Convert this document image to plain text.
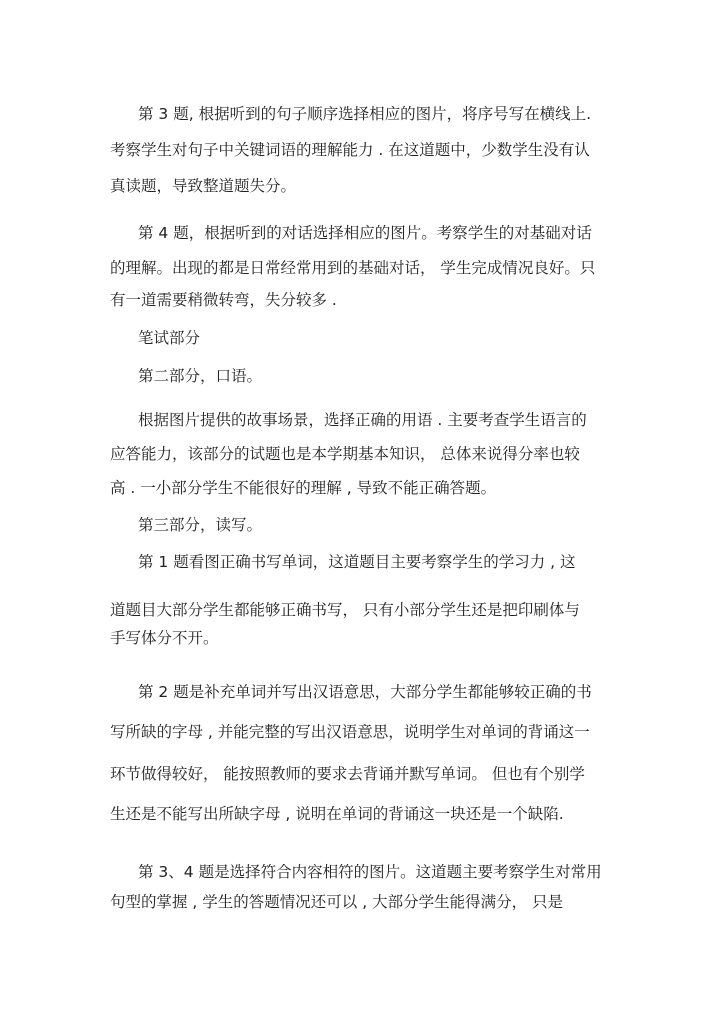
第 3 题, 根据听到的句子顺序选择相应的图片，将序号写在横线上.
考察学生对句子中关键词语的理解能力 . 在这道题中，少数学生没有认
真读题，导致整道题失分。
第 4 题，根据听到的对话选择相应的图片。考察学生的对基础对话
的理解。出现的都是日常经常用到的基础对话， 学生完成情况良好。只
有一道需要稍微转弯，失分较多 .
笔试部分
第二部分，口语。
根据图片提供的故事场景，选择正确的用语 . 主要考查学生语言的
应答能力，该部分的试题也是本学期基本知识， 总体来说得分率也较
高 . 一小部分学生不能很好的理解 , 导致不能正确答题。
第三部分，读写。
第 1 题看图正确书写单词，这道题目主要考察学生的学习力 , 这
道题目大部分学生都能够正确书写， 只有小部分学生还是把印刷体与
手写体分不开。
第 2 题是补充单词并写出汉语意思，大部分学生都能够较正确的书
写所缺的字母 , 并能完整的写出汉语意思，说明学生对单词的背诵这一
环节做得较好， 能按照教师的要求去背诵并默写单词。 但也有个别学
生还是不能写出所缺字母 , 说明在单词的背诵这一块还是一个缺陷.
第 3、4 题是选择符合内容相符的图片。这道题主要考察学生对常用
句型的掌握 , 学生的答题情况还可以 , 大部分学生能得满分， 只是
